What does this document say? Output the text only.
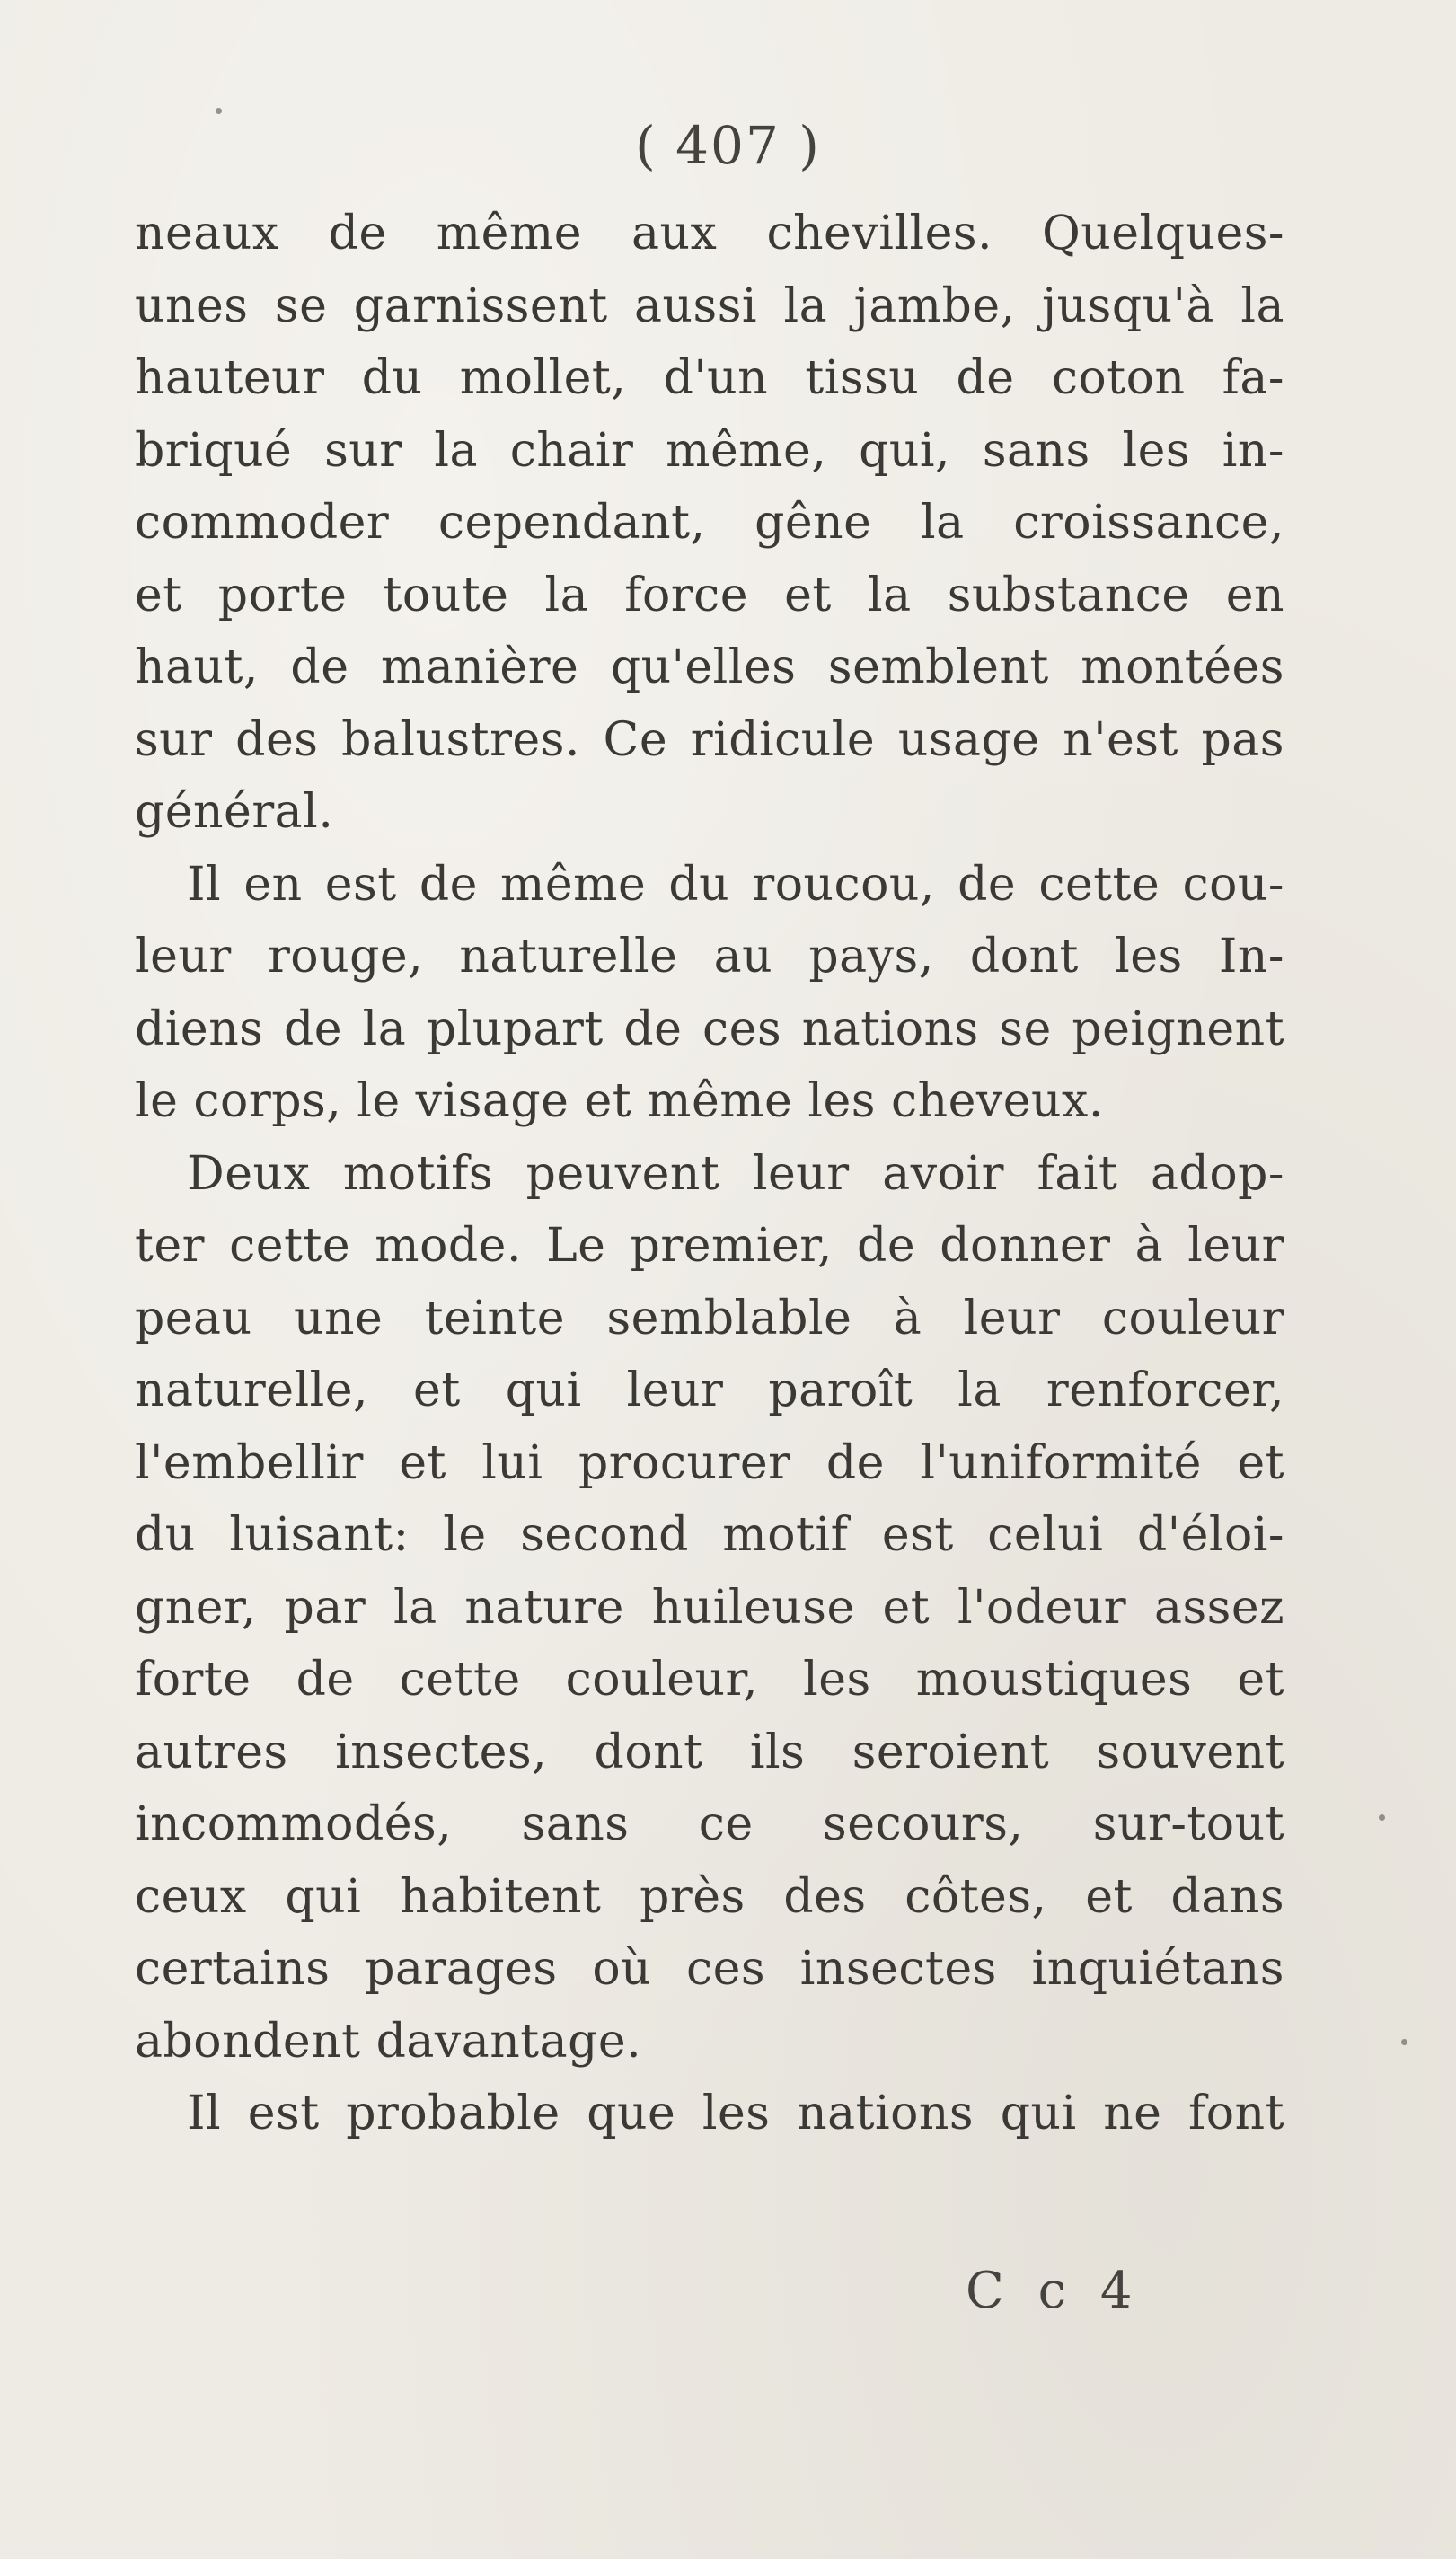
( 407 )
neaux de même aux chevilles. Quelques-
unes se garnissent aussi la jambe, jusqu'à la
hauteur du mollet, d'un tissu de coton fa-
briqué sur la chair même, qui, sans les in-
commoder cependant, gêne la croissance,
et porte toute la force et la substance en
haut, de manière qu'elles semblent montées
sur des balustres. Ce ridicule usage n'est pas
général.
Il en est de même du roucou, de cette cou-
leur rouge, naturelle au pays, dont les In-
diens de la plupart de ces nations se peignent
le corps, le visage et même les cheveux.
Deux motifs peuvent leur avoir fait adop-
ter cette mode. Le premier, de donner à leur
peau une teinte semblable à leur couleur
naturelle, et qui leur paroît la renforcer,
l'embellir et lui procurer de l'uniformité et
du luisant: le second motif est celui d'éloi-
gner, par la nature huileuse et l'odeur assez
forte de cette couleur, les moustiques et
autres insectes, dont ils seroient souvent
incommodés, sans ce secours, sur-tout
ceux qui habitent près des côtes, et dans
certains parages où ces insectes inquiétans
abondent davantage.
Il est probable que les nations qui ne font
C c 4
